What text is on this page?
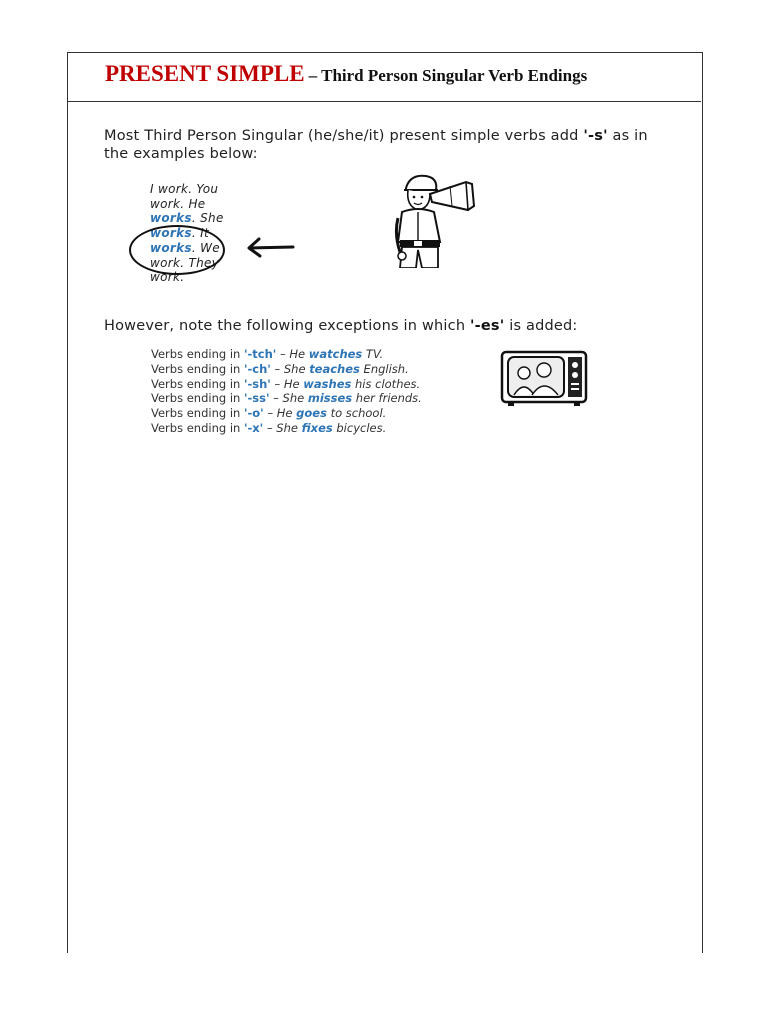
PRESENT SIMPLE – Third Person Singular Verb Endings
Most Third Person Singular (he/she/it) present simple verbs add '-s' as in the examples below:
I work. You work. He works. She works. It works. We work. They work.
However, note the following exceptions in which '-es' is added:
Verbs ending in '-tch' – He watches TV.
Verbs ending in '-ch' – She teaches English.
Verbs ending in '-sh' – He washes his clothes.
Verbs ending in '-ss' – She misses her friends.
Verbs ending in '-o' – He goes to school.
Verbs ending in '-x' – She fixes bicycles.
